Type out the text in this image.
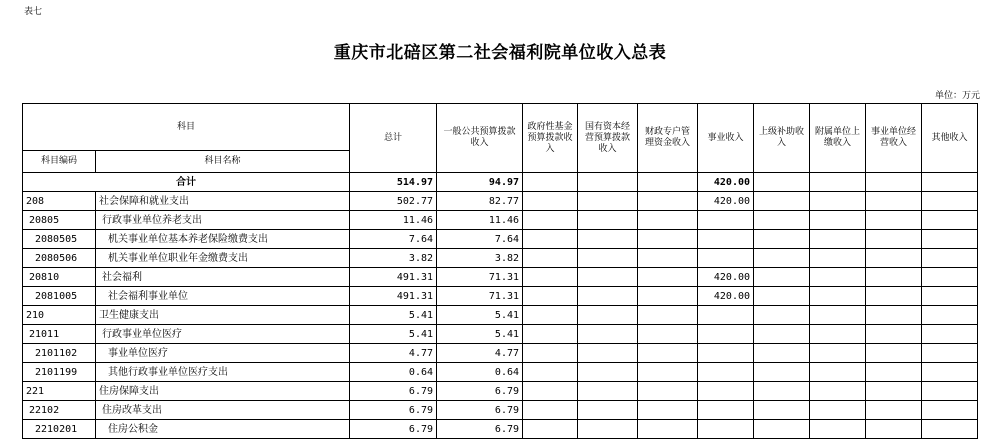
表七
重庆市北碚区第二社会福利院单位收入总表
单位：万元
科目		总计	一般公共预算拨款收入	政府性基金预算拨款收入	国有资本经营预算拨款收入	财政专户管理资金收入	事业收入	上级补助收入	附属单位上缴收入	事业单位经营收入	其他收入
科目编码	科目名称										
合计		514.97	94.97				420.00				
208	社会保障和就业支出	502.77	82.77				420.00				
20805	行政事业单位养老支出	11.46	11.46								
2080505	机关事业单位基本养老保险缴费支出	7.64	7.64								
2080506	机关事业单位职业年金缴费支出	3.82	3.82								
20810	社会福利	491.31	71.31				420.00				
2081005	社会福利事业单位	491.31	71.31				420.00				
210	卫生健康支出	5.41	5.41								
21011	行政事业单位医疗	5.41	5.41								
2101102	事业单位医疗	4.77	4.77								
2101199	其他行政事业单位医疗支出	0.64	0.64								
221	住房保障支出	6.79	6.79								
22102	住房改革支出	6.79	6.79								
2210201	住房公积金	6.79	6.79								
